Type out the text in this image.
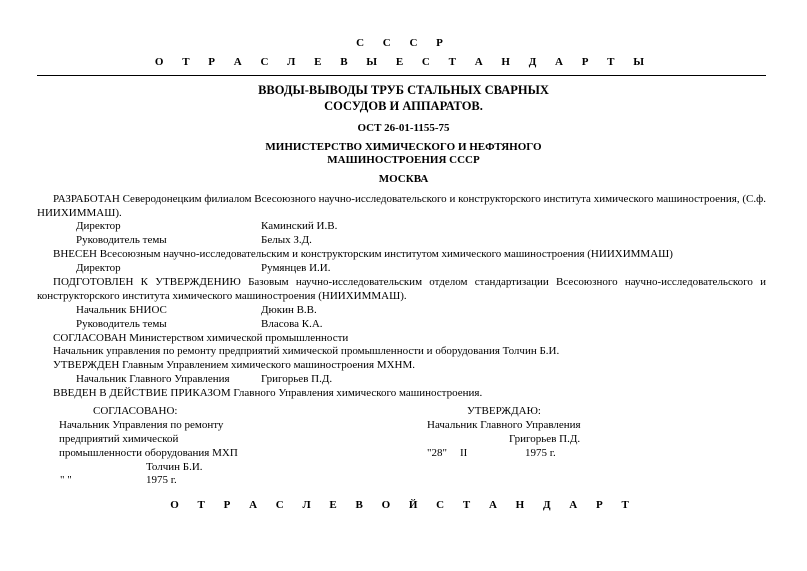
С С С Р
О Т Р А С Л Е В Ы Е С Т А Н Д А Р Т Ы
ВВОДЫ-ВЫВОДЫ ТРУБ СТАЛЬНЫХ СВАРНЫХ
СОСУДОВ И АППАРАТОВ.
ОСТ 26-01-1155-75
МИНИСТЕРСТВО ХИМИЧЕСКОГО И НЕФТЯНОГО
МАШИНОСТРОЕНИЯ СССР
МОСКВА
РАЗРАБОТАН Северодонецким филиалом Всесоюзного научно-исследовательского и конструкторского института химического машиностроения, (С.ф. НИИХИММАШ).
Директор	Каминский И.В.
Руководитель темы	Белых З.Д.
ВНЕСЕН Всесоюзным научно-исследовательским и конструкторским институтом химического машиностроения (НИИХИММАШ)
Директор	Румянцев И.И.
ПОДГОТОВЛЕН К УТВЕРЖДЕНИЮ Базовым научно-исследовательским отделом стандартизации Всесоюзного научно-исследовательского и конструкторского института химического машиностроения (НИИХИММАШ).
Начальник БНИОС	Дюкин В.В.
Руководитель темы	Власова К.А.
СОГЛАСОВАН Министерством химической промышленности
Начальник управления по ремонту предприятий химической промышленности и оборудования Толчин Б.И.
УТВЕРЖДЕН Главным Управлением химического машиностроения МХНМ.
Начальник Главного Управления	Григорьев П.Д.
ВВЕДЕН В ДЕЙСТВИЕ ПРИКАЗОМ Главного Управления химического машиностроения.
СОГЛАСОВАНО:
Начальник Управления по ремонту
предприятий химической
промышленности оборудования МХП
Толчин Б.И.
" "	1975 г.
УТВЕРЖДАЮ:
Начальник Главного Управления
Григорьев П.Д.
"28" II	1975 г.
О Т Р А С Л Е В О Й С Т А Н Д А Р Т
